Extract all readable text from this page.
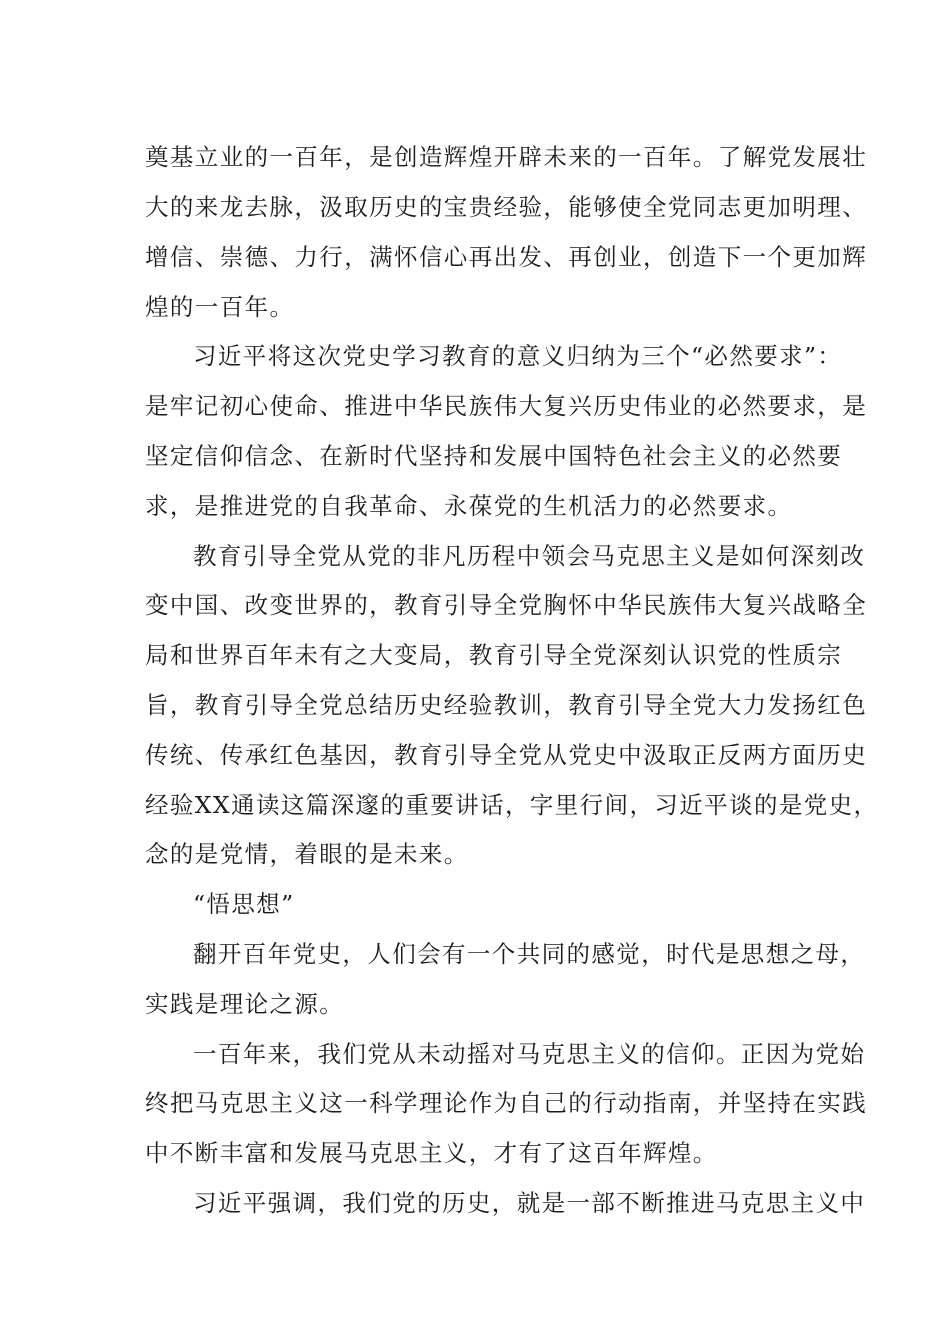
奠基立业的一百年，是创造辉煌开辟未来的一百年。了解党发展壮
大的来龙去脉，汲取历史的宝贵经验，能够使全党同志更加明理、
增信、崇德、力行，满怀信心再出发、再创业，创造下一个更加辉
煌的一百年。
习近平将这次党史学习教育的意义归纳为三个“必然要求”：
是牢记初心使命、推进中华民族伟大复兴历史伟业的必然要求，是
坚定信仰信念、在新时代坚持和发展中国特色社会主义的必然要
求，是推进党的自我革命、永葆党的生机活力的必然要求。
教育引导全党从党的非凡历程中领会马克思主义是如何深刻改
变中国、改变世界的，教育引导全党胸怀中华民族伟大复兴战略全
局和世界百年未有之大变局，教育引导全党深刻认识党的性质宗
旨，教育引导全党总结历史经验教训，教育引导全党大力发扬红色
传统、传承红色基因，教育引导全党从党史中汲取正反两方面历史
经验XX通读这篇深邃的重要讲话，字里行间，习近平谈的是党史，
念的是党情，着眼的是未来。
“悟思想”
翻开百年党史，人们会有一个共同的感觉，时代是思想之母，
实践是理论之源。
一百年来，我们党从未动摇对马克思主义的信仰。正因为党始
终把马克思主义这一科学理论作为自己的行动指南，并坚持在实践
中不断丰富和发展马克思主义，才有了这百年辉煌。
习近平强调，我们党的历史，就是一部不断推进马克思主义中
